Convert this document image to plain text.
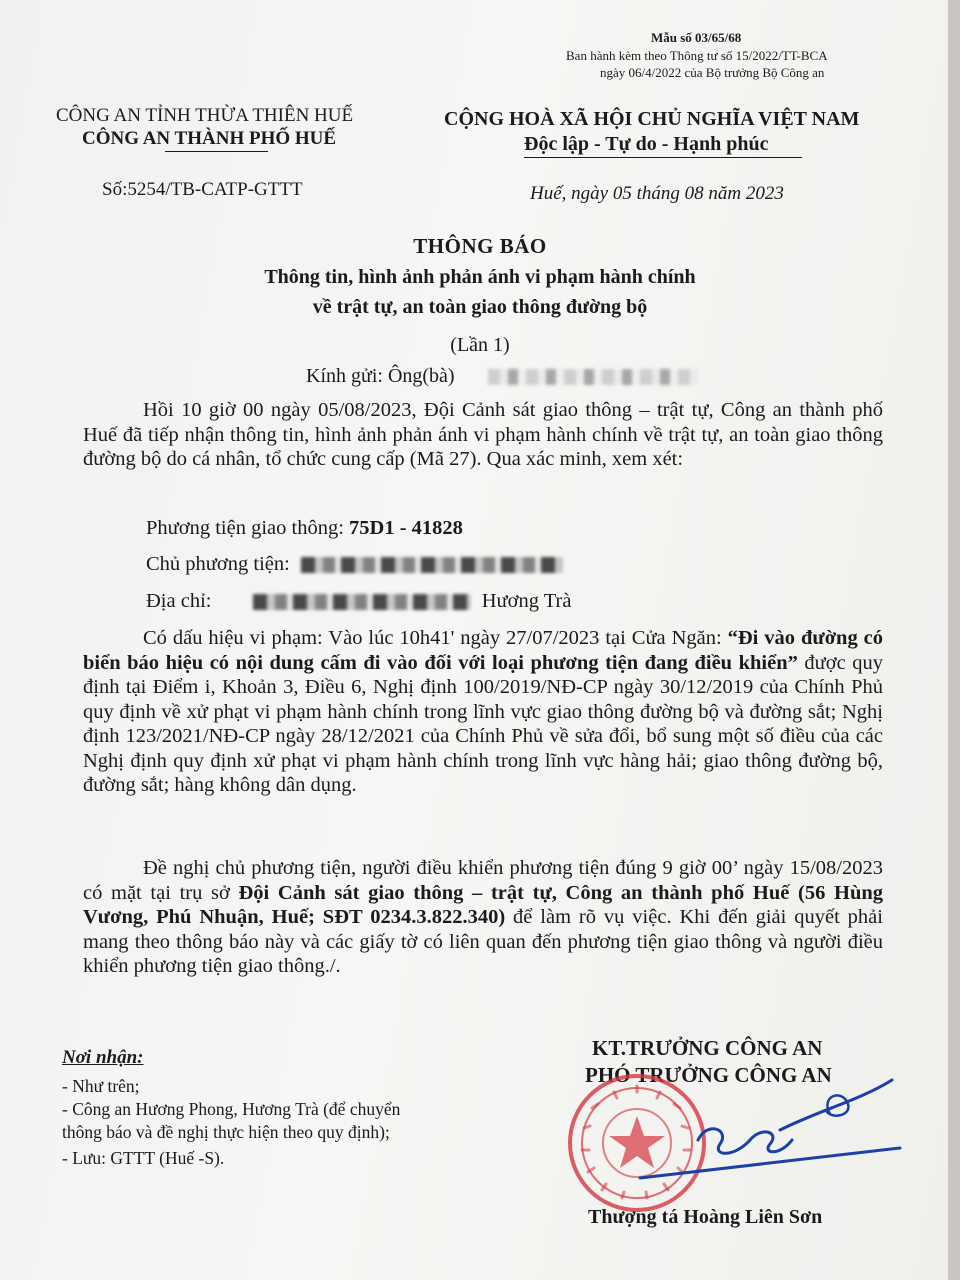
Mẫu số 03/65/68
Ban hành kèm theo Thông tư số 15/2022/TT-BCA
ngày 06/4/2022 của Bộ trưởng Bộ Công an
CÔNG AN TỈNH THỪA THIÊN HUẾ
CÔNG AN THÀNH PHỐ HUẾ
CỘNG HOÀ XÃ HỘI CHỦ NGHĨA VIỆT NAM
Độc lập - Tự do - Hạnh phúc
Số:5254/TB-CATP-GTTT	Huế, ngày 05 tháng 08 năm 2023
THÔNG BÁO
Thông tin, hình ảnh phản ánh vi phạm hành chính
về trật tự, an toàn giao thông đường bộ
(Lần 1)
Kính gửi: Ông(bà)

Hồi 10 giờ 00 ngày 05/08/2023, Đội Cảnh sát giao thông – trật tự, Công an thành phố Huế đã tiếp nhận thông tin, hình ảnh phản ánh vi phạm hành chính về trật tự, an toàn giao thông đường bộ do cá nhân, tổ chức cung cấp (Mã 27). Qua xác minh, xem xét:

Phương tiện giao thông: 75D1 - 41828
Chủ phương tiện:
Địa chỉ:	Hương Trà

Có dấu hiệu vi phạm: Vào lúc 10h41' ngày 27/07/2023 tại Cửa Ngăn: “Đi vào đường có biển báo hiệu có nội dung cấm đi vào đối với loại phương tiện đang điều khiển” được quy định tại Điểm i, Khoản 3, Điều 6, Nghị định 100/2019/NĐ-CP ngày 30/12/2019 của Chính Phủ quy định về xử phạt vi phạm hành chính trong lĩnh vực giao thông đường bộ và đường sắt; Nghị định 123/2021/NĐ-CP ngày 28/12/2021 của Chính Phủ về sửa đổi, bổ sung một số điều của các Nghị định quy định xử phạt vi phạm hành chính trong lĩnh vực hàng hải; giao thông đường bộ, đường sắt; hàng không dân dụng.

Đề nghị chủ phương tiện, người điều khiển phương tiện đúng 9 giờ 00’ ngày 15/08/2023 có mặt tại trụ sở Đội Cảnh sát giao thông – trật tự, Công an thành phố Huế (56 Hùng Vương, Phú Nhuận, Huế; SĐT 0234.3.822.340) để làm rõ vụ việc. Khi đến giải quyết phải mang theo thông báo này và các giấy tờ có liên quan đến phương tiện giao thông và người điều khiển phương tiện giao thông./.

Nơi nhận:
- Như trên;
- Công an Hương Phong, Hương Trà (để chuyển
thông báo và đề nghị thực hiện theo quy định);
- Lưu: GTTT (Huế -S).
KT.TRƯỞNG CÔNG AN
PHÓ TRƯỞNG CÔNG AN
Thượng tá Hoàng Liên Sơn
